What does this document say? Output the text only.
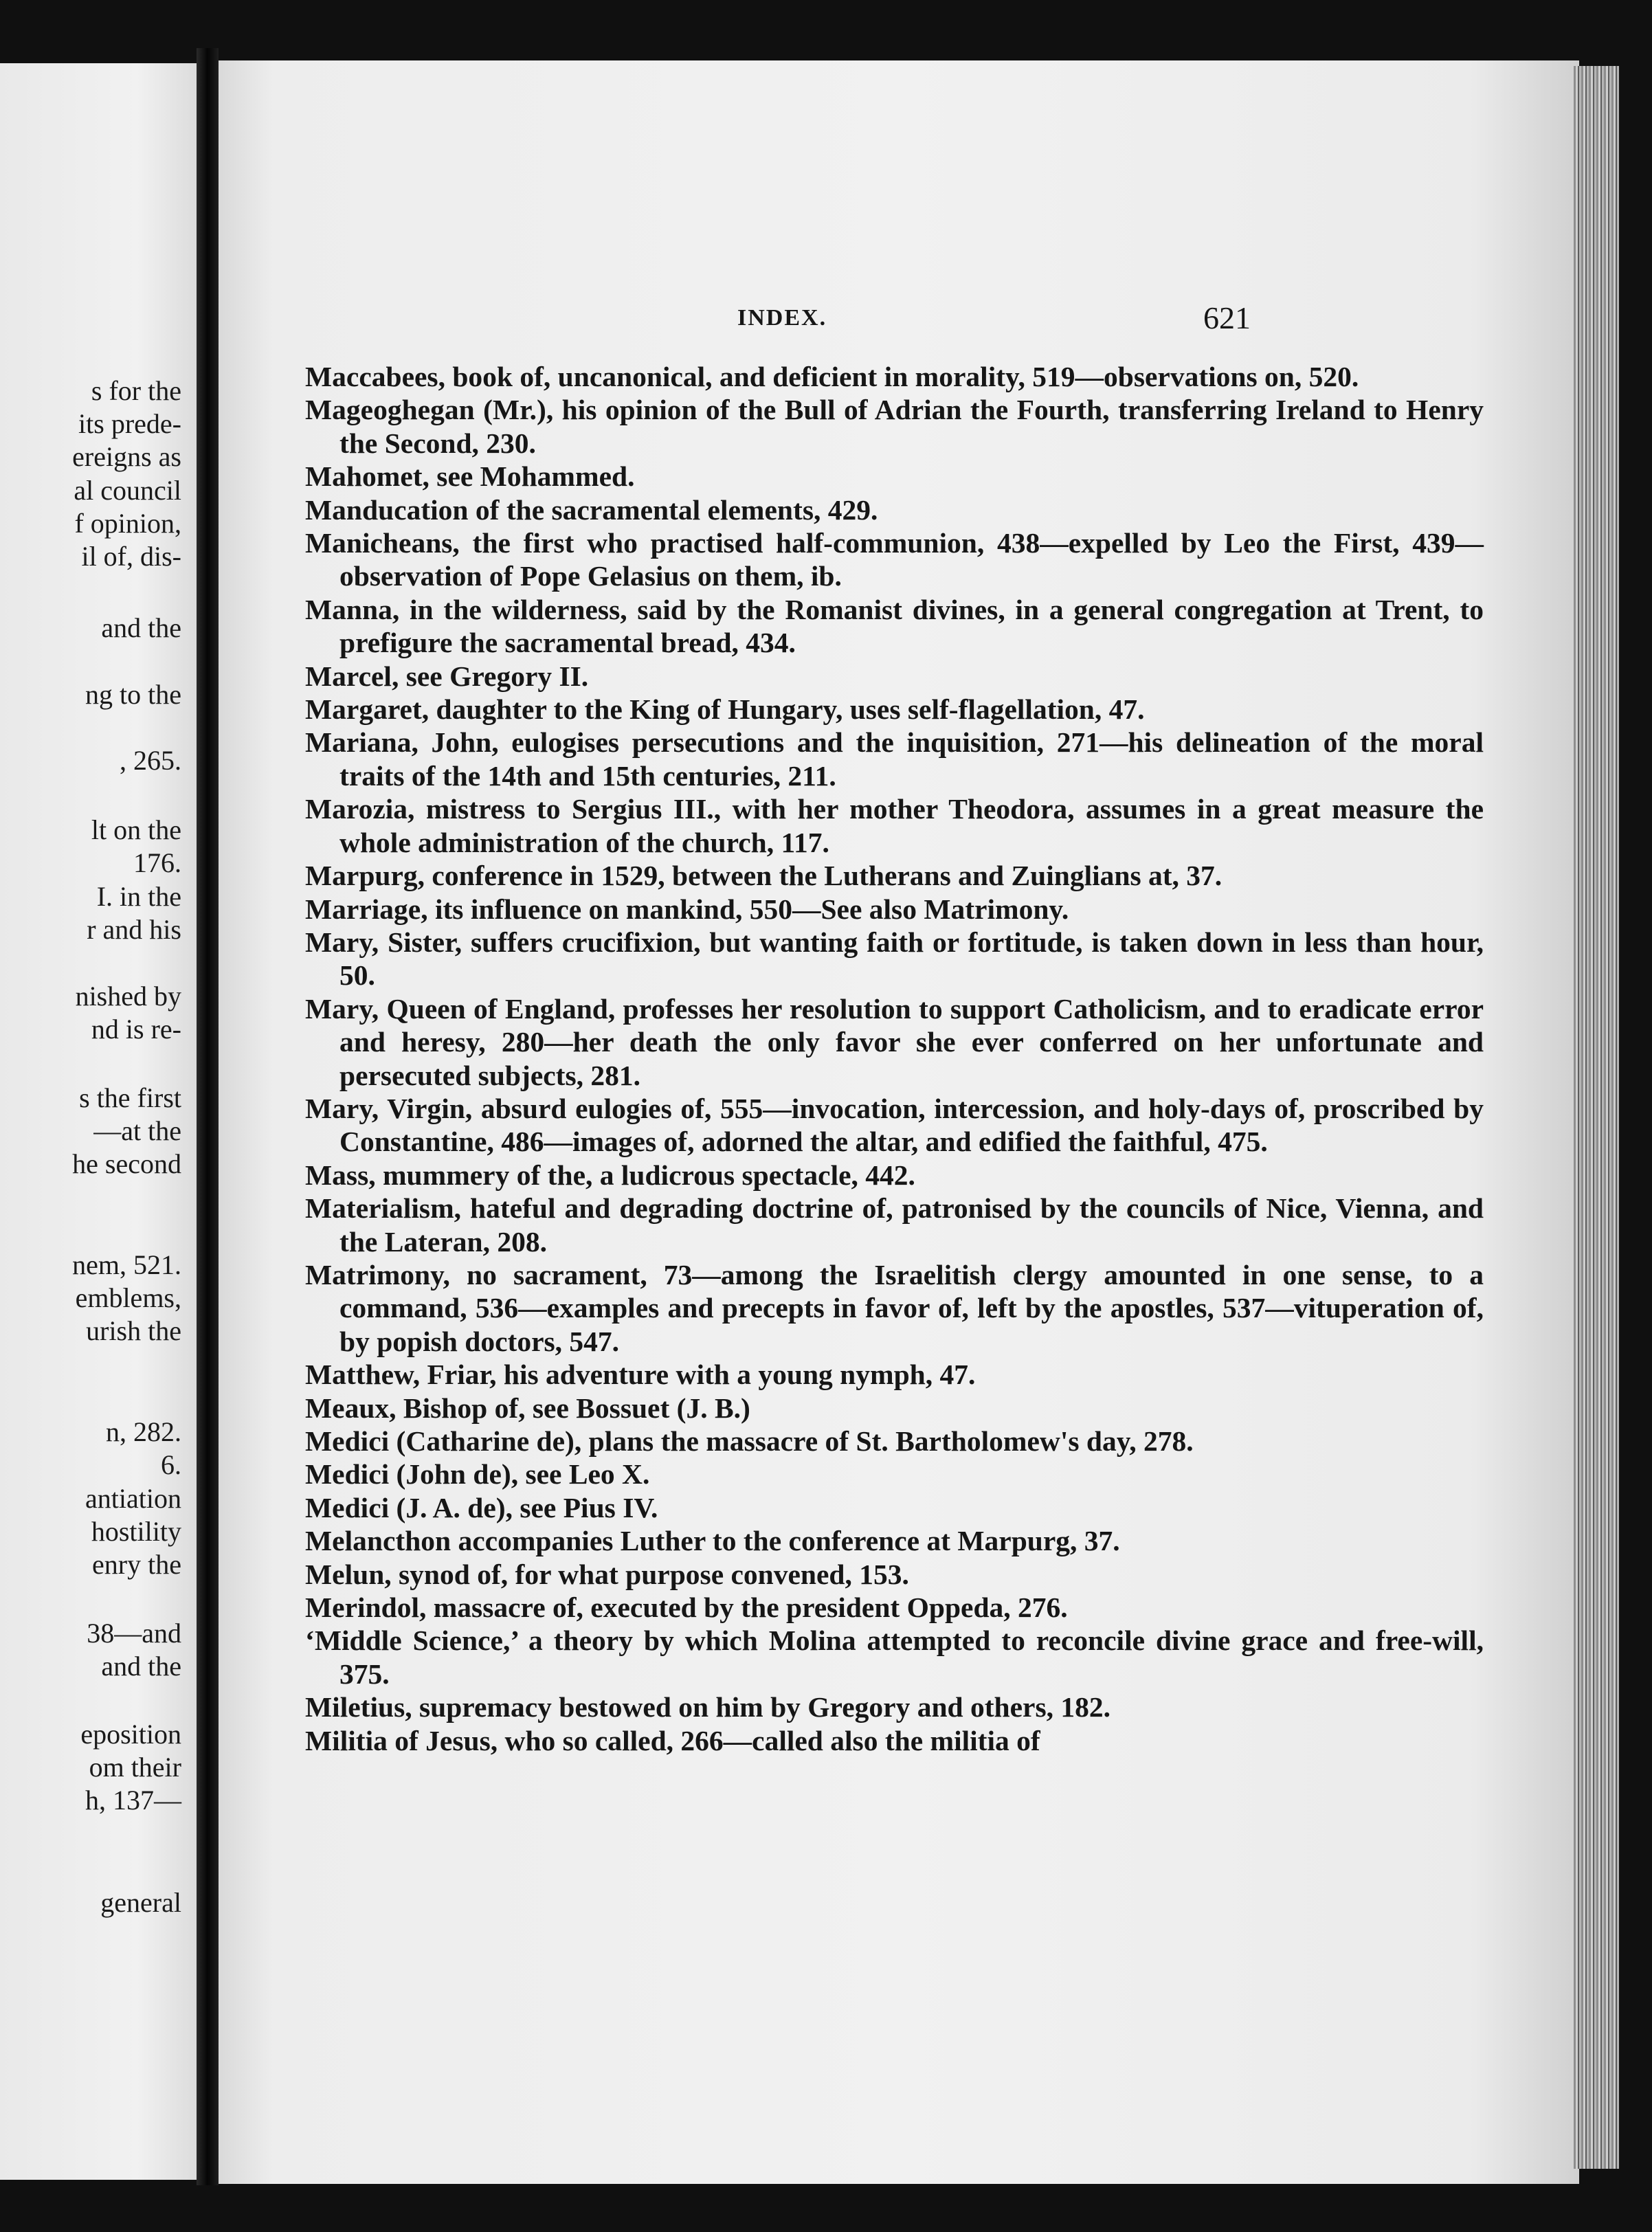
s for the
its prede-
ereigns as
al council
f opinion,
il of, dis-
and the
ng to the
, 265.
lt on the
176.
I. in the
r and his
nished by
nd is re-
s the first
—at the
he second
nem, 521.
emblems,
urish the
n, 282.
6.
antiation
hostility
enry the
38—and
and the
eposition
om their
h, 137—
general
INDEX.	621
Maccabees, book of, uncanonical, and deficient in morality, 519—observations on, 520.
Mageoghegan (Mr.), his opinion of the Bull of Adrian the Fourth, transferring Ireland to Henry the Second, 230.
Mahomet, see Mohammed.
Manducation of the sacramental elements, 429.
Manicheans, the first who practised half-communion, 438—expelled by Leo the First, 439—observation of Pope Gelasius on them, ib.
Manna, in the wilderness, said by the Romanist divines, in a general congregation at Trent, to prefigure the sacramental bread, 434.
Marcel, see Gregory II.
Margaret, daughter to the King of Hungary, uses self-flagellation, 47.
Mariana, John, eulogises persecutions and the inquisition, 271—his delineation of the moral traits of the 14th and 15th centuries, 211.
Marozia, mistress to Sergius III., with her mother Theodora, assumes in a great measure the whole administration of the church, 117.
Marpurg, conference in 1529, between the Lutherans and Zuinglians at, 37.
Marriage, its influence on mankind, 550—See also Matrimony.
Mary, Sister, suffers crucifixion, but wanting faith or fortitude, is taken down in less than hour, 50.
Mary, Queen of England, professes her resolution to support Catholicism, and to eradicate error and heresy, 280—her death the only favor she ever conferred on her unfortunate and persecuted subjects, 281.
Mary, Virgin, absurd eulogies of, 555—invocation, intercession, and holy-days of, proscribed by Constantine, 486—images of, adorned the altar, and edified the faithful, 475.
Mass, mummery of the, a ludicrous spectacle, 442.
Materialism, hateful and degrading doctrine of, patronised by the councils of Nice, Vienna, and the Lateran, 208.
Matrimony, no sacrament, 73—among the Israelitish clergy amounted in one sense, to a command, 536—examples and precepts in favor of, left by the apostles, 537—vituperation of, by popish doctors, 547.
Matthew, Friar, his adventure with a young nymph, 47.
Meaux, Bishop of, see Bossuet (J. B.)
Medici (Catharine de), plans the massacre of St. Bartholomew's day, 278.
Medici (John de), see Leo X.
Medici (J. A. de), see Pius IV.
Melancthon accompanies Luther to the conference at Marpurg, 37.
Melun, synod of, for what purpose convened, 153.
Merindol, massacre of, executed by the president Oppeda, 276.
‘Middle Science,’ a theory by which Molina attempted to reconcile divine grace and free-will, 375.
Miletius, supremacy bestowed on him by Gregory and others, 182.
Militia of Jesus, who so called, 266—called also the militia of
